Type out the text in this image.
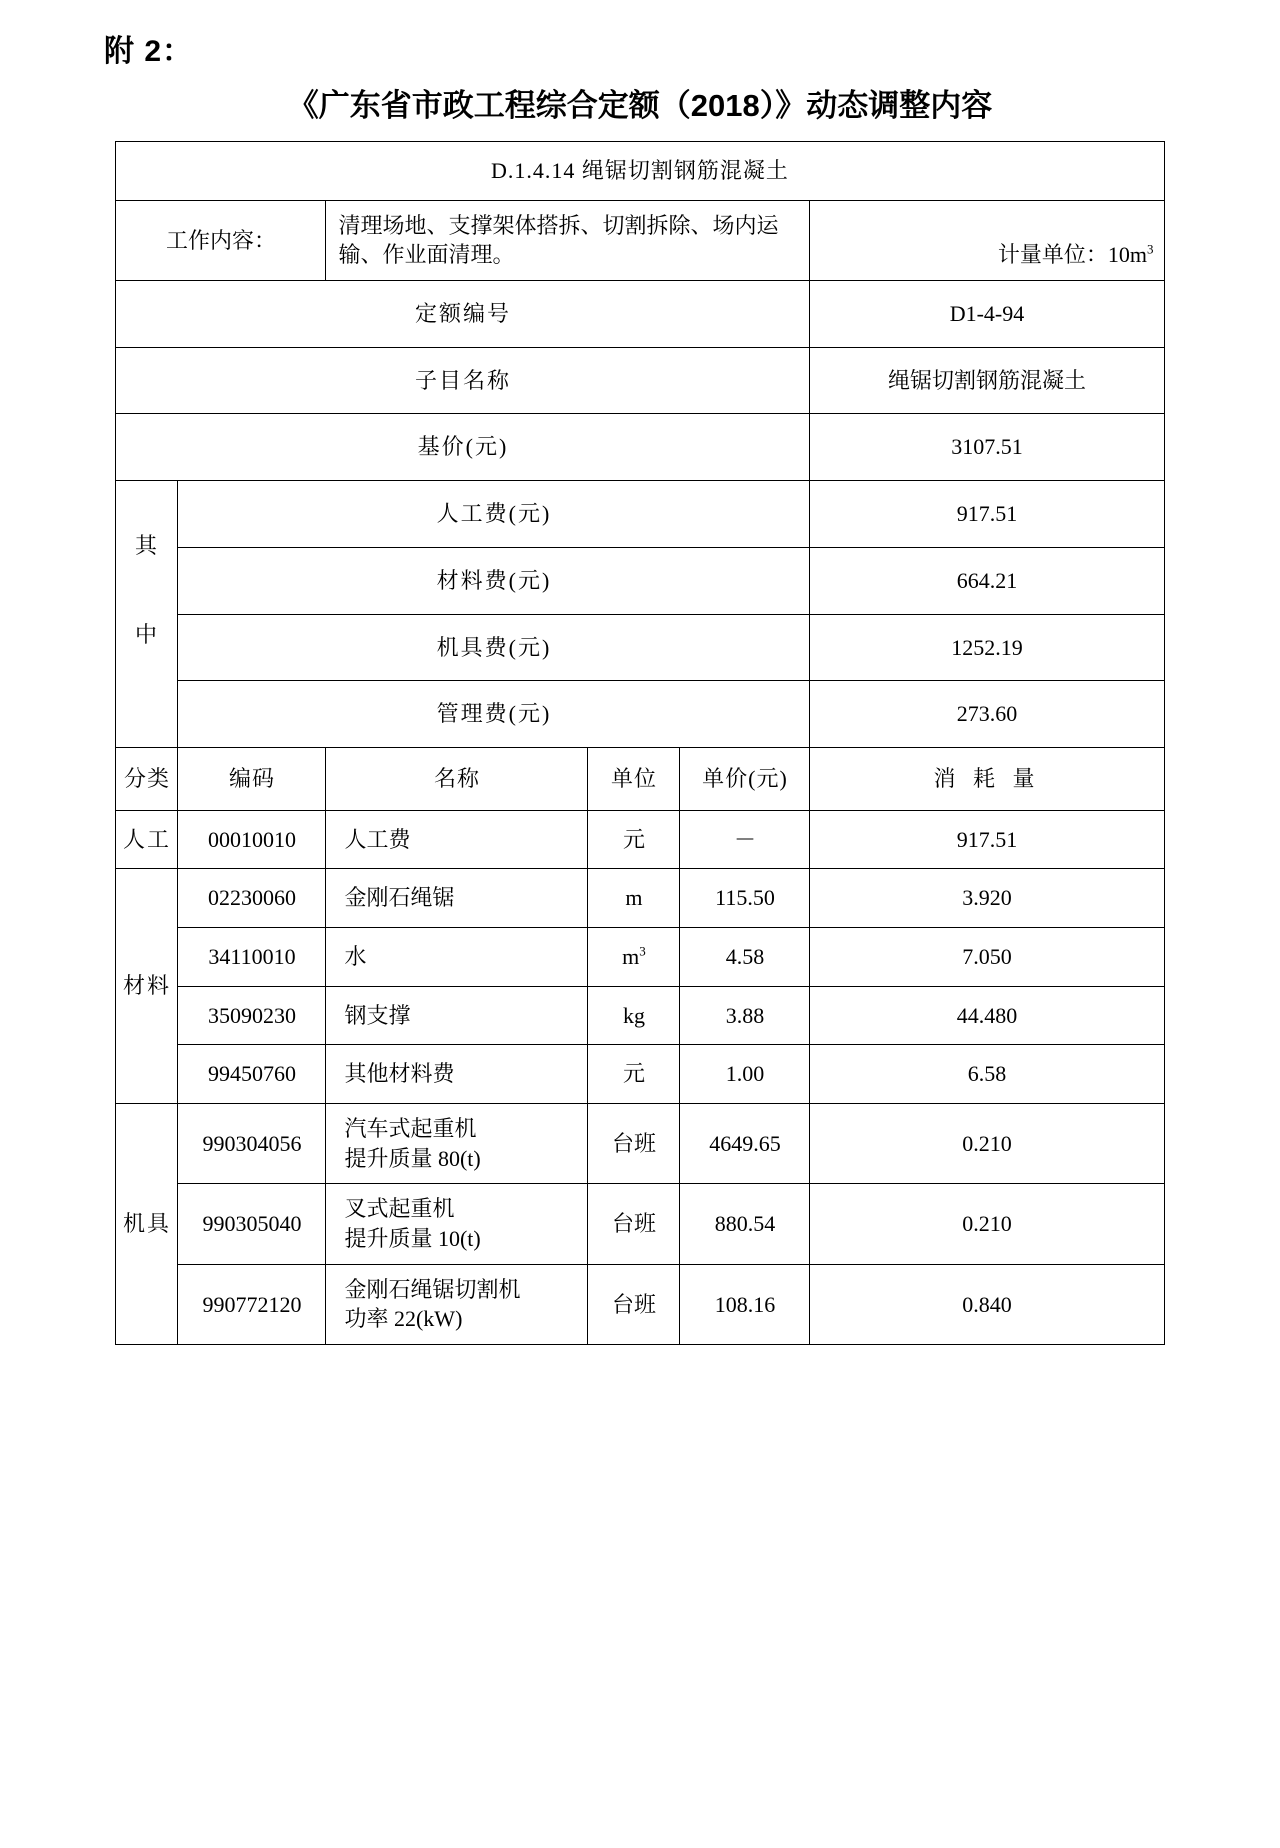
附 2：
《广东省市政工程综合定额（2018）》动态调整内容
D.1.4.14 绳锯切割钢筋混凝土					
工作内容：		清理场地、支撑架体搭拆、切割拆除、场内运输、作业面清理。			计量单位：$10m^3$
定额编号					D1-4-94
子目名称					绳锯切割钢筋混凝土
基价(元)					3107.51

其
中	人工费(元)				917.51
	材料费(元)				664.21
	机具费(元)				1252.19
	管理费(元)				273.60

分类	编码	名称	单位	单价(元)	消 耗 量

人工	00010010	人工费	元	－	917.51

材料	02230060	金刚石绳锯	m	115.50	3.920
	34110010	水	$m^3$	4.58	7.050
	35090230	钢支撑	kg	3.88	44.480
	99450760	其他材料费	元	1.00	6.58

机具	990304056	汽车式起重机
提升质量 80(t)	台班	4649.65	0.210
	990305040	叉式起重机
提升质量 10(t)	台班	880.54	0.210
	990772120	金刚石绳锯切割机
功率 22(kW)	台班	108.16	0.840
